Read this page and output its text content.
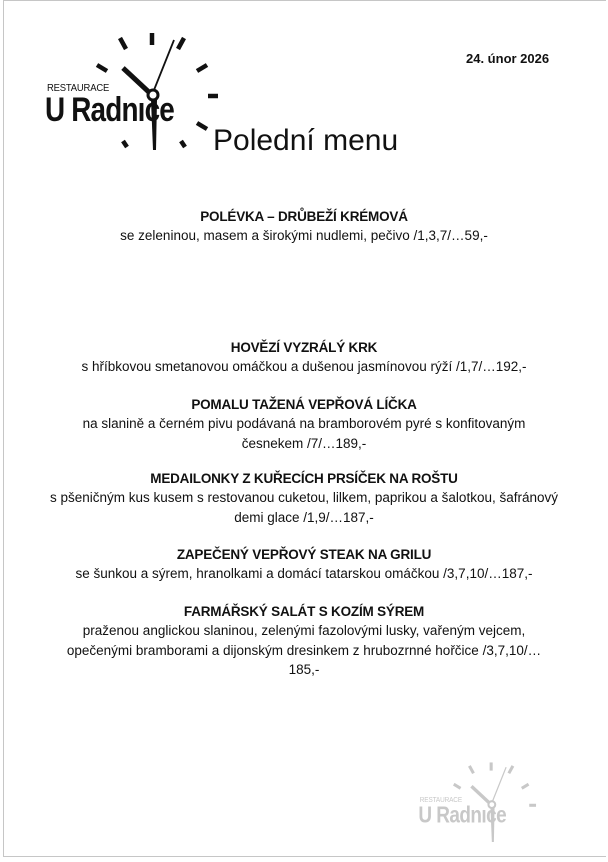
RESTAURACE
U Radnıce
24. únor 2026
Polední menu
POLÉVKA – DRŮBEŽÍ KRÉMOVÁ
se zeleninou, masem a širokými nudlemi, pečivo /1,3,7/…59,-
HOVĚZÍ VYZRÁLÝ KRK
s hříbkovou smetanovou omáčkou a dušenou jasmínovou rýží /1,7/…192,-
POMALU TAŽENÁ VEPŘOVÁ LÍČKA
na slanině a černém pivu podávaná na bramborovém pyré s konfitovaným česnekem /7/…189,-
MEDAILONKY Z KUŘECÍCH PRSÍČEK NA ROŠTU
s pšeničným kus kusem s restovanou cuketou, lilkem, paprikou a šalotkou, šafránový demi glace /1,9/…187,-
ZAPEČENÝ VEPŘOVÝ STEAK NA GRILU
se šunkou a sýrem, hranolkami a domácí tatarskou omáčkou /3,7,10/…187,-
FARMÁŘSKÝ SALÁT S KOZÍM SÝREM
praženou anglickou slaninou, zelenými fazolovými lusky, vařeným vejcem, opečenými bramborami a dijonským dresinkem z hrubozrnné hořčice /3,7,10/…185,-
RESTAURACE
U Radnıce
